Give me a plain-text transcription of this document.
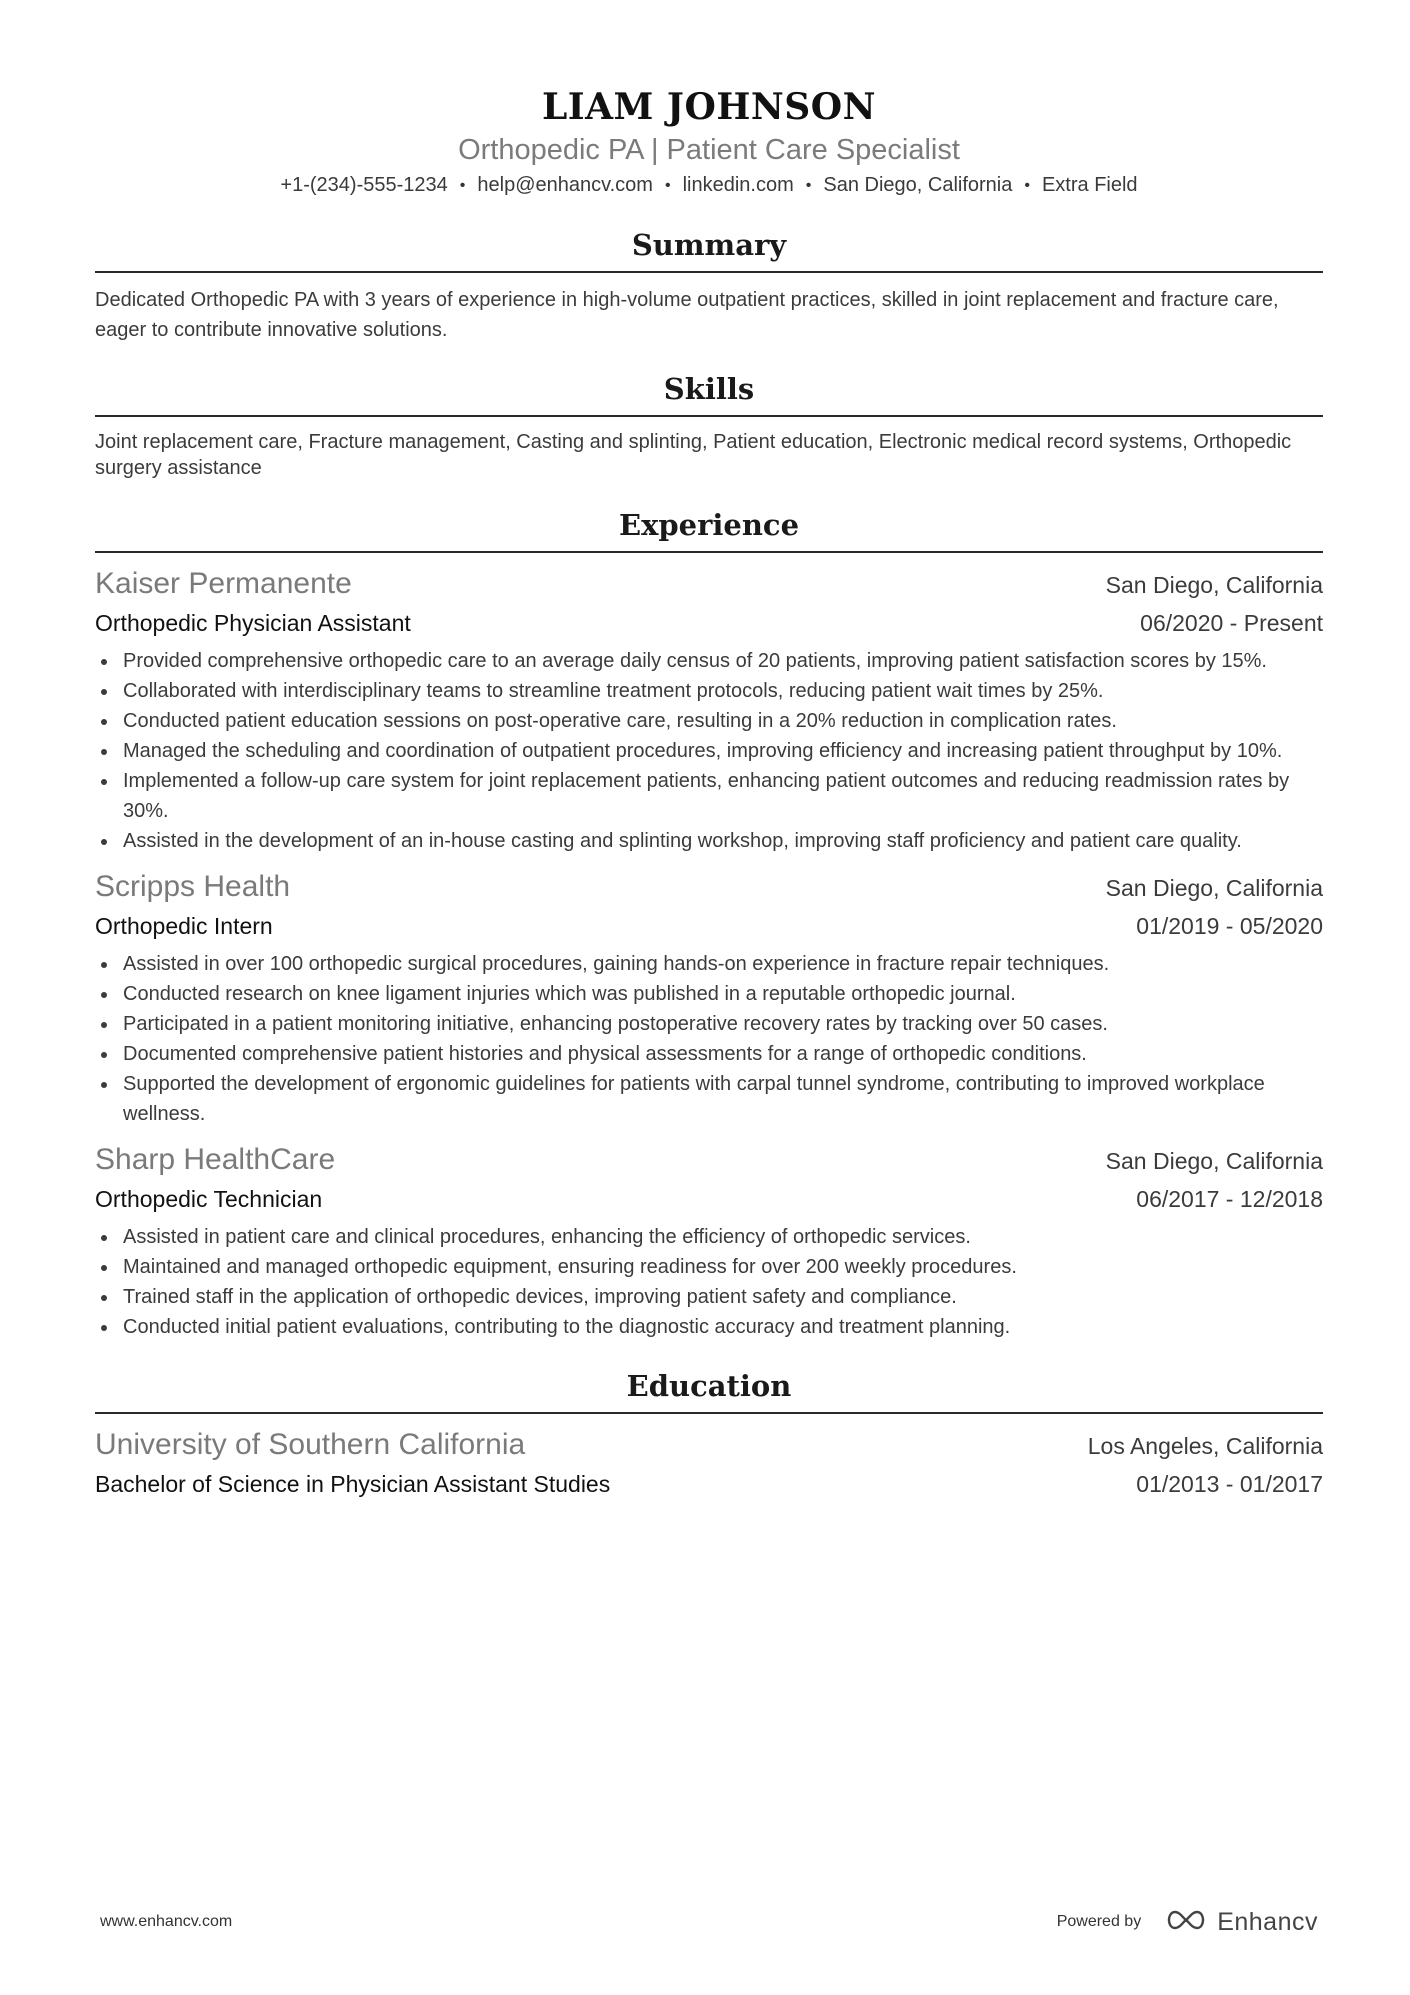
LIAM JOHNSON
Orthopedic PA | Patient Care Specialist
+1-(234)-555-1234 • help@enhancv.com • linkedin.com • San Diego, California • Extra Field
Summary
Dedicated Orthopedic PA with 3 years of experience in high-volume outpatient practices, skilled in joint replacement and fracture care, eager to contribute innovative solutions.
Skills
Joint replacement care, Fracture management, Casting and splinting, Patient education, Electronic medical record systems, Orthopedic surgery assistance
Experience
Kaiser Permanente	San Diego, California
Orthopedic Physician Assistant	06/2020 - Present
Provided comprehensive orthopedic care to an average daily census of 20 patients, improving patient satisfaction scores by 15%.
Collaborated with interdisciplinary teams to streamline treatment protocols, reducing patient wait times by 25%.
Conducted patient education sessions on post-operative care, resulting in a 20% reduction in complication rates.
Managed the scheduling and coordination of outpatient procedures, improving efficiency and increasing patient throughput by 10%.
Implemented a follow-up care system for joint replacement patients, enhancing patient outcomes and reducing readmission rates by 30%.
Assisted in the development of an in-house casting and splinting workshop, improving staff proficiency and patient care quality.
Scripps Health	San Diego, California
Orthopedic Intern	01/2019 - 05/2020
Assisted in over 100 orthopedic surgical procedures, gaining hands-on experience in fracture repair techniques.
Conducted research on knee ligament injuries which was published in a reputable orthopedic journal.
Participated in a patient monitoring initiative, enhancing postoperative recovery rates by tracking over 50 cases.
Documented comprehensive patient histories and physical assessments for a range of orthopedic conditions.
Supported the development of ergonomic guidelines for patients with carpal tunnel syndrome, contributing to improved workplace wellness.
Sharp HealthCare	San Diego, California
Orthopedic Technician	06/2017 - 12/2018
Assisted in patient care and clinical procedures, enhancing the efficiency of orthopedic services.
Maintained and managed orthopedic equipment, ensuring readiness for over 200 weekly procedures.
Trained staff in the application of orthopedic devices, improving patient safety and compliance.
Conducted initial patient evaluations, contributing to the diagnostic accuracy and treatment planning.
Education
University of Southern California	Los Angeles, California
Bachelor of Science in Physician Assistant Studies	01/2013 - 01/2017
www.enhancv.com	Powered by	Enhancv
